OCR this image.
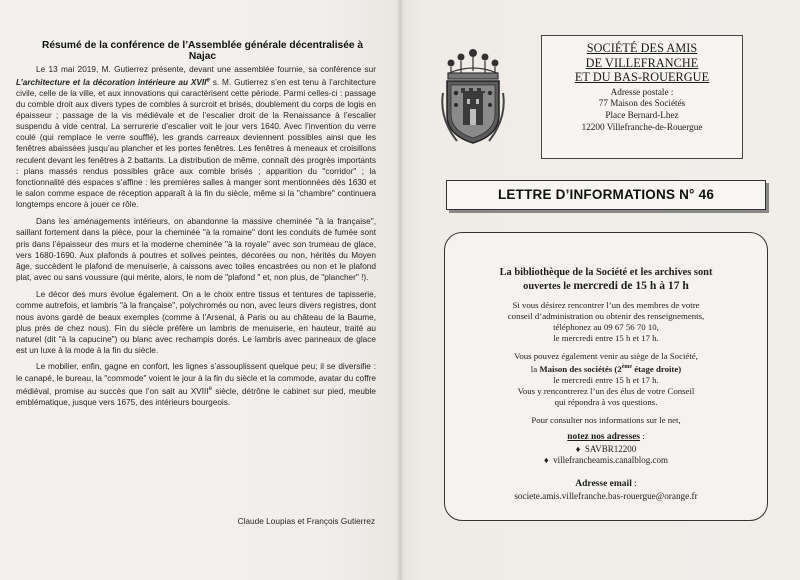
Résumé de la conférence de l’Assemblée générale décentralisée à Najac

Le 13 mai 2019, M. Gutierrez présente, devant une assemblée fournie, sa conférence sur L’architecture et la décoration intérieure au XVIIe s. M. Gutierrez s’en est tenu à l’architecture civile, celle de la ville, et aux innovations qui caractérisent cette période. Parmi celles-ci : passage du comble droit aux divers types de combles à surcroit et brisés, doublement du corps de logis en épaisseur ; passage de la vis médiévale et de l’escalier droit de la Renaissance à l’escalier suspendu à vide central. La serrurerie d’escalier voit le jour vers 1640. Avec l’invention du verre coulé (qui remplace le verre soufflé), les grands carreaux deviennent possibles ainsi que les fenêtres abaissées jusqu’au plancher et les portes fenêtres. Les fenêtres à meneaux et croisillons reculent devant les fenêtres à 2 battants. La distribution de même, connaît des progrès importants : plans massés rendus possibles grâce aux comble brisés ; apparition du "corridor" ; la fonctionnalité des espaces s’affine : les premières salles à manger sont mentionnées dès 1630 et le salon comme espace de réception apparaît à la fin du siècle, même si la "chambre" continuera longtemps encore à jouer ce rôle.

Dans les aménagements intérieurs, on abandonne la massive cheminée "à la française", saillant fortement dans la pièce, pour la cheminée "à la romaine" dont les conduits de fumée sont pris dans l’épaisseur des murs et la moderne cheminée "à la royale" avec son trumeau de glace, vers 1680-1690. Aux plafonds à poutres et solives peintes, décorées ou non, hérités du Moyen âge, succèdent le plafond de menuiserie, à caissons avec toiles encastrées ou non et le plafond plat, avec ou sans voussure (qui mérite, alors, le nom de "plafond " et, non plus, de "plancher" !).

Le décor des murs évolue également. On a le choix entre tissus et tentures de tapisserie, comme autrefois, et lambris "à la française", polychromés ou non, avec leurs divers registres, dont nous avons gardé de beaux exemples (comme à l’Arsenal, à Paris ou au château de la Baume, plus près de chez nous). Fin du siècle préfère un lambris de menuiserie, en hauteur, traité au naturel (dit "à la capucine") ou blanc avec rechampis dorés. Le lambris avec panneaux de glace est un luxe à la mode à la fin du siècle.

Le mobilier, enfin, gagne en confort, les lignes s’assouplissent quelque peu; il se diversifie : le canapé, le bureau, la "commode" voient le jour à la fin du siècle et la commode, avatar du coffre médiéval, promise au succès que l’on sait au XVIIIe siècle, détrône le cabinet sur pied, meuble emblématique, jusque vers 1675, des intérieurs bourgeois.

Claude Loupias et François Gutierrez
SOCIÉTÉ DES AMIS
DE VILLEFRANCHE
ET DU BAS-ROUERGUE
Adresse postale :
77 Maison des Sociétés
Place Bernard-Lhez
12200 Villefranche-de-Rouergue
LETTRE D’INFORMATIONS N° 46
La bibliothèque de la Société et les archives sont
ouvertes le mercredi de 15 h à 17 h
Si vous désirez rencontrer l’un des membres de votre
conseil d’administration ou obtenir des renseignements,
téléphonez au 09 67 56 70 10,
le mercredi entre 15 h et 17 h.
Vous pouvez également venir au siège de la Société,
la Maison des sociétés (2ème étage droite)
le mercredi entre 15 h et 17 h.
Vous y rencontrerez l’un des élus de votre Conseil
qui répondra à vos questions.
Pour consulter nos informations sur le net,
notez nos adresses :
♦ SAVBR12200
♦ villefrancheamis.canalblog.com
Adresse email :
societe.amis.villefranche.bas-rouergue@orange.fr
